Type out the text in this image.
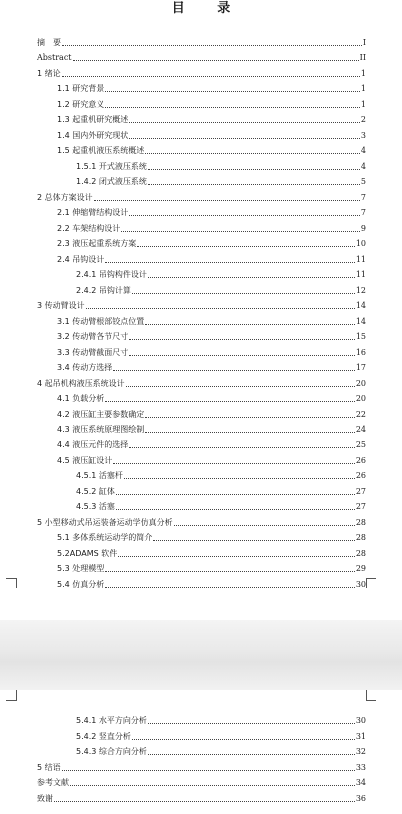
目 录
摘　要	I
Abstract	II
1 绪论	1
1.1 研究背景	1
1.2 研究意义	1
1.3 起重机研究概述	2
1.4 国内外研究现状	3
1.5 起重机液压系统概述	4
1.5.1 开式液压系统	4
1.4.2 闭式液压系统	5
2 总体方案设计	7
2.1 伸缩臂结构设计	7
2.2 车架结构设计	9
2.3 液压起重系统方案	10
2.4 吊钩设计	11
2.4.1 吊钩构件设计	11
2.4.2 吊钩计算	12
3 传动臂设计	14
3.1 传动臂根部铰点位置	14
3.2 传动臂各节尺寸	15
3.3 传动臂截面尺寸	16
3.4 传动方选择	17
4 起吊机构液压系统设计	20
4.1 负载分析	20
4.2 液压缸主要参数确定	22
4.3 液压系统原理图绘制	24
4.4 液压元件的选择	25
4.5 液压缸设计	26
4.5.1 活塞杆	26
4.5.2 缸体	27
4.5.3 活塞	27
5 小型移动式吊运装备运动学仿真分析	28
5.1 多体系统运动学的简介	28
5.2ADAMS 软件	28
5.3 处理模型	29
5.4 仿真分析	30
5.4.1 水平方向分析	30
5.4.2 竖直分析	31
5.4.3 综合方向分析	32
5 结语	33
参考文献	34
致谢	36
